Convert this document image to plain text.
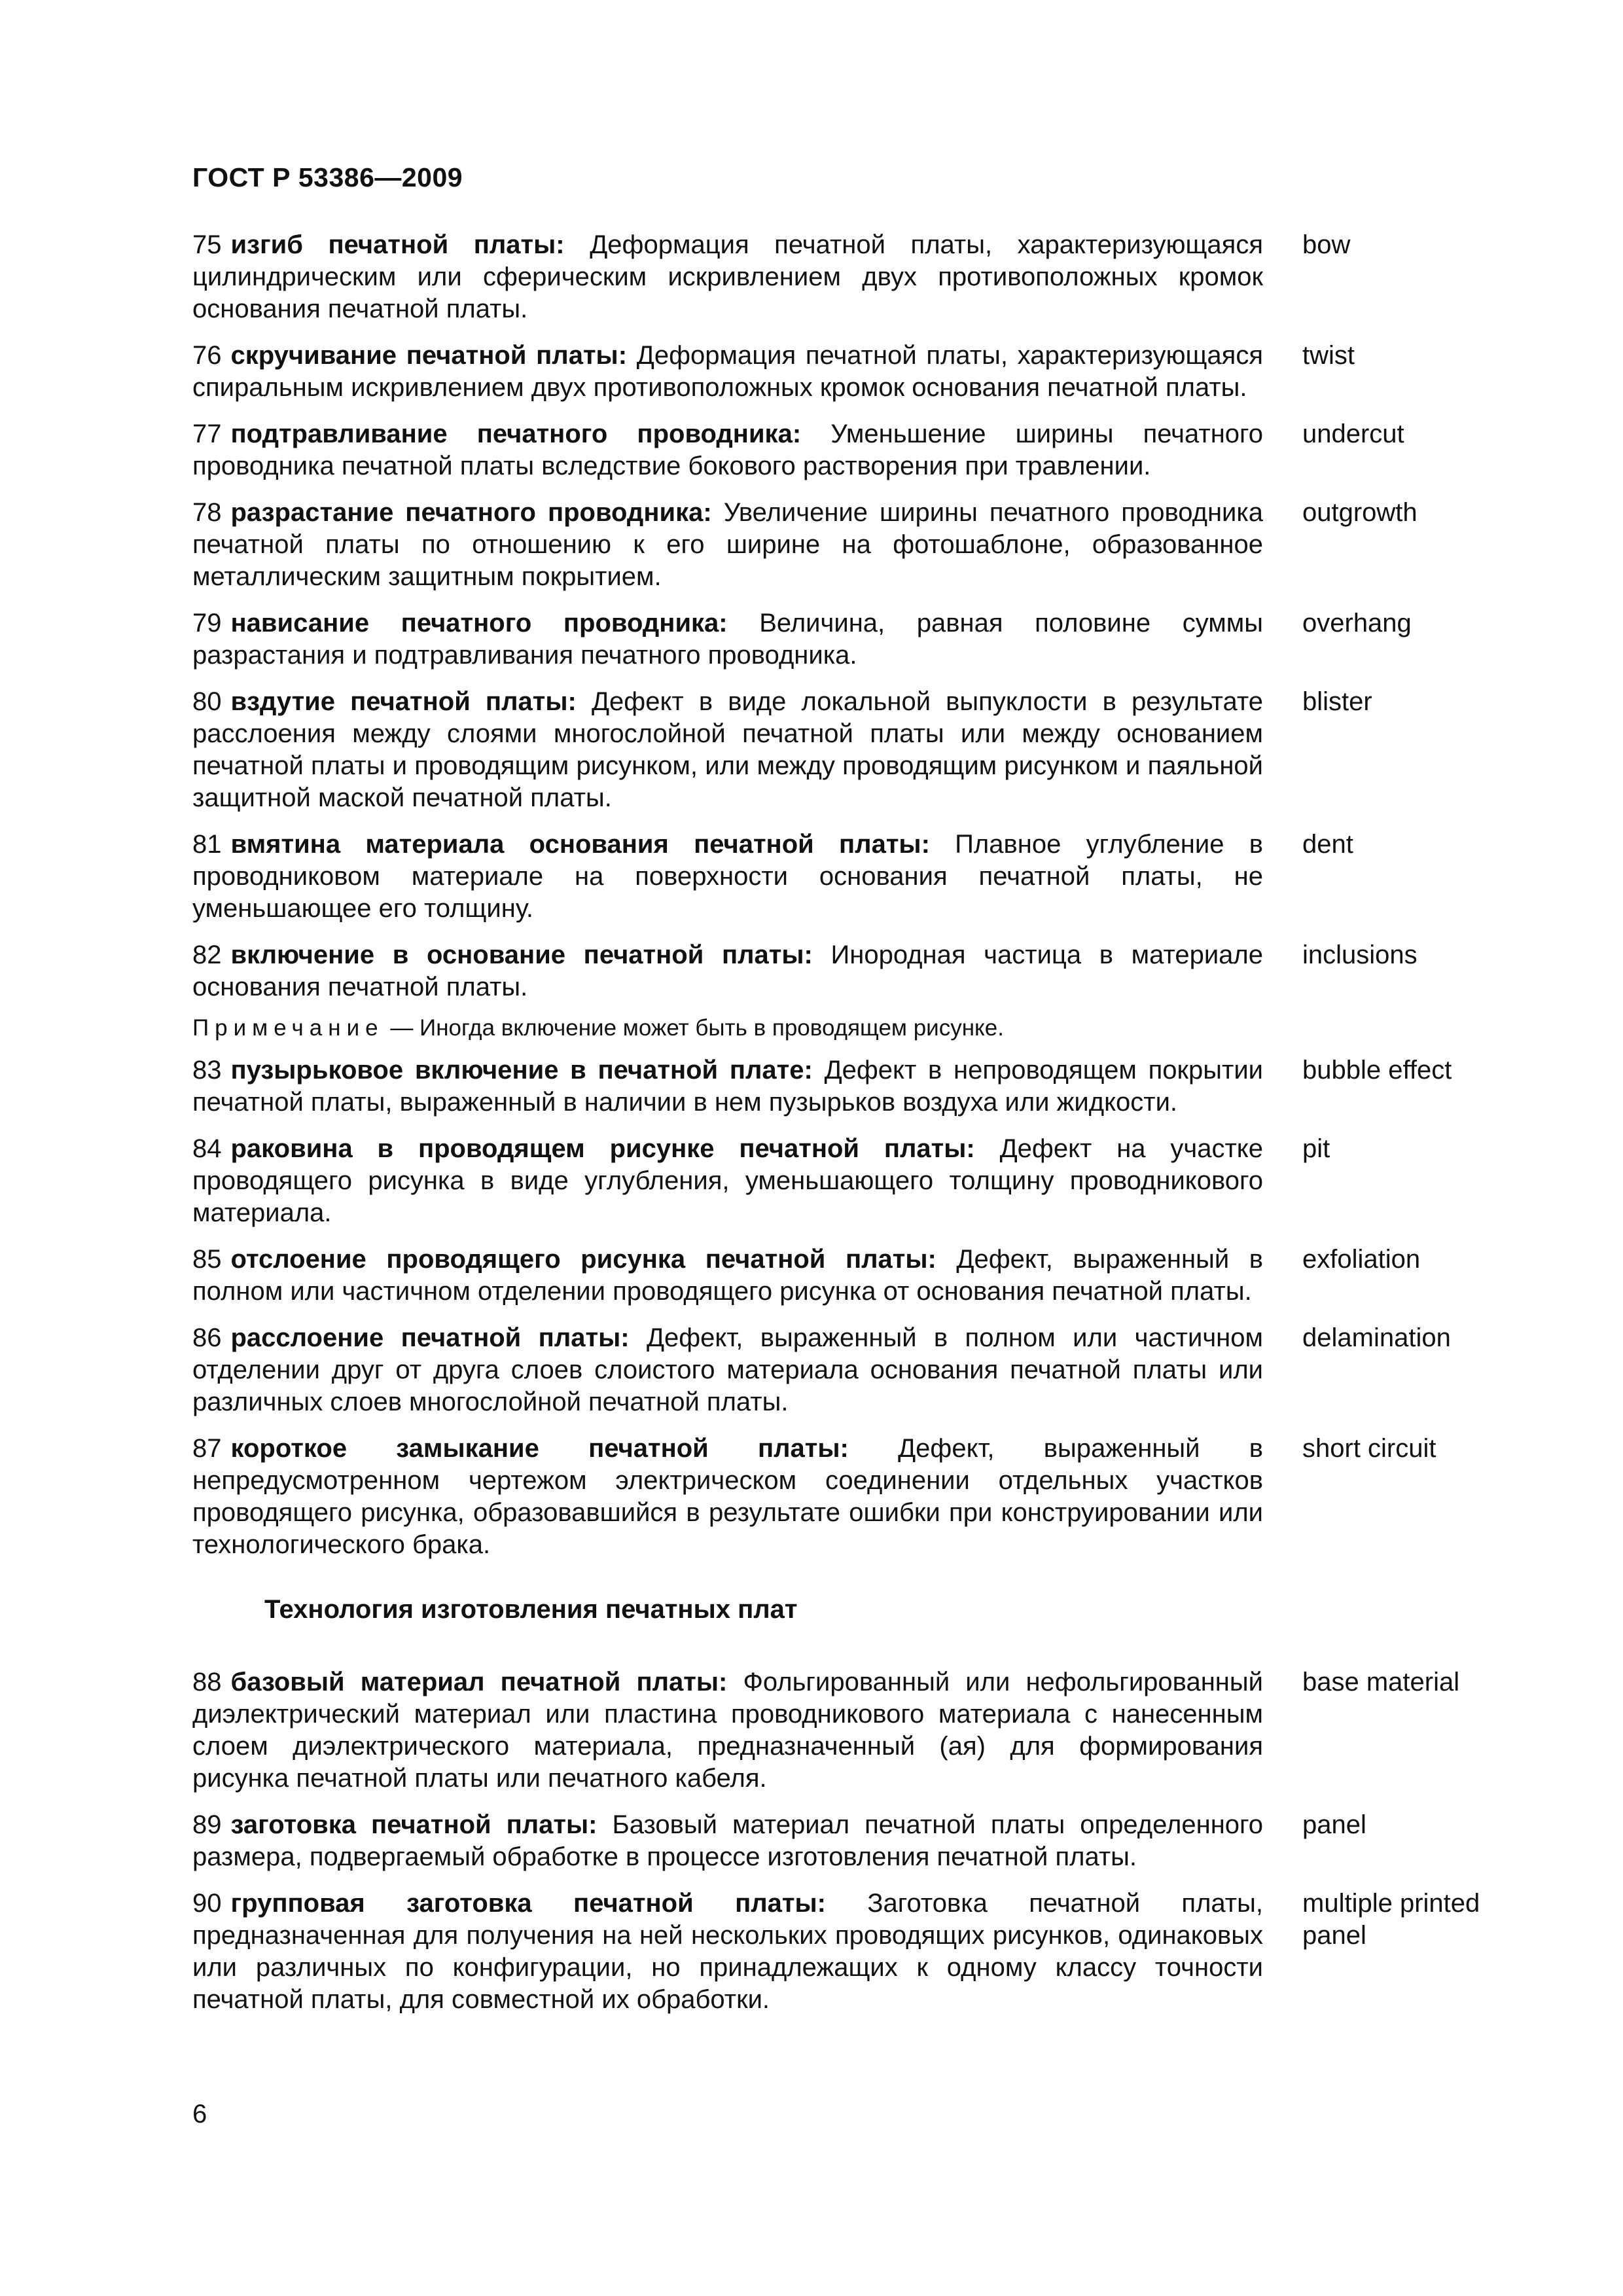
ГОСТ Р 53386—2009
75 изгиб печатной платы: Деформация печатной платы, характеризующаяся цилиндрическим или сферическим искривлением двух противоположных кромок основания печатной платы.
bow
76 скручивание печатной платы: Деформация печатной платы, характеризующаяся спиральным искривлением двух противоположных кромок основания печатной платы.
twist
77 подтравливание печатного проводника: Уменьшение ширины печатного проводника печатной платы вследствие бокового растворения при травлении.
undercut
78 разрастание печатного проводника: Увеличение ширины печатного проводника печатной платы по отношению к его ширине на фотошаблоне, образованное металлическим защитным покрытием.
outgrowth
79 нависание печатного проводника: Величина, равная половине суммы разрастания и подтравливания печатного проводника.
overhang
80 вздутие печатной платы: Дефект в виде локальной выпуклости в результате расслоения между слоями многослойной печатной платы или между основанием печатной платы и проводящим рисунком, или между проводящим рисунком и паяльной защитной маской печатной платы.
blister
81 вмятина материала основания печатной платы: Плавное углубление в проводниковом материале на поверхности основания печатной платы, не уменьшающее его толщину.
dent
82 включение в основание печатной платы: Инородная частица в материале основания печатной платы.
inclusions
Примечание — Иногда включение может быть в проводящем рисунке.
83 пузырьковое включение в печатной плате: Дефект в непроводящем покрытии печатной платы, выраженный в наличии в нем пузырьков воздуха или жидкости.
bubble effect
84 раковина в проводящем рисунке печатной платы: Дефект на участке проводящего рисунка в виде углубления, уменьшающего толщину проводникового материала.
pit
85 отслоение проводящего рисунка печатной платы: Дефект, выраженный в полном или частичном отделении проводящего рисунка от основания печатной платы.
exfoliation
86 расслоение печатной платы: Дефект, выраженный в полном или частичном отделении друг от друга слоев слоистого материала основания печатной платы или различных слоев многослойной печатной платы.
delamination
87 короткое замыкание печатной платы: Дефект, выраженный в непредусмотренном чертежом электрическом соединении отдельных участков проводящего рисунка, образовавшийся в результате ошибки при конструировании или технологического брака.
short circuit
Технология изготовления печатных плат
88 базовый материал печатной платы: Фольгированный или нефольгированный диэлектрический материал или пластина проводникового материала с нанесенным слоем диэлектрического материала, предназначенный (ая) для формирования рисунка печатной платы или печатного кабеля.
base material
89 заготовка печатной платы: Базовый материал печатной платы определенного размера, подвергаемый обработке в процессе изготовления печатной платы.
panel
90 групповая заготовка печатной платы: Заготовка печатной платы, предназначенная для получения на ней нескольких проводящих рисунков, одинаковых или различных по конфигурации, но принадлежащих к одному классу точности печатной платы, для совместной их обработки.
multiple printed panel
6
